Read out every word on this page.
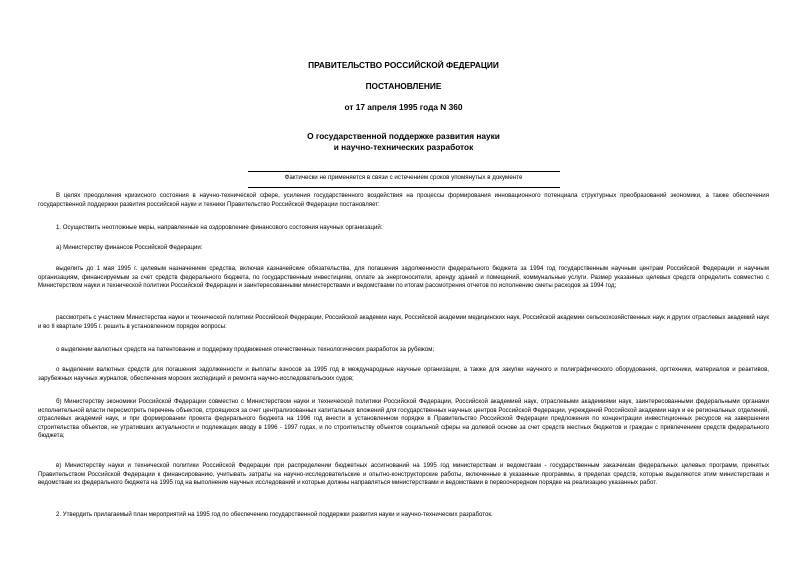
ПРАВИТЕЛЬСТВО РОССИЙСКОЙ ФЕДЕРАЦИИ
ПОСТАНОВЛЕНИЕ
от 17 апреля 1995 года N 360
О государственной поддержке развития науки
и научно-технических разработок
Фактически не применяется в связи с истечением сроков упомянутых в документе

В целях преодоления кризисного состояния в научно-технической сфере, усиления государственного воздействия на процессы формирования инновационного потенциала структурных преобразований экономики, а также обеспечения государственной поддержки развития российской науки и техники Правительство Российской Федерации постановляет:

1. Осуществить неотложные меры, направленные на оздоровление финансового состояния научных организаций:

а) Министерству финансов Российской Федерации:

выделить до 1 мая 1995 г. целевым назначением средства, включая казначейские обязательства, для погашения задолженности федерального бюджета за 1994 год государственным научным центрам Российской Федерации и научным организациям, финансируемым за счет средств федерального бюджета, по государственным инвестициям, оплате за энергоносители, аренду зданий и помещений, коммунальные услуги. Размер указанных целевых средств определить совместно с Министерством науки и технической политики Российской Федерации и заинтересованными министерствами и ведомствами по итогам рассмотрения отчетов по исполнению сметы расходов за 1994 год;

рассмотреть с участием Министерства науки и технической политики Российской Федерации, Российской академии наук, Российской академии медицинских наук, Российской академии сельскохозяйственных наук и других отраслевых академий наук и во II квартале 1995 г. решить в установленном порядке вопросы:

о выделении валютных средств на патентование и поддержку продвижения отечественных технологических разработок за рубежом;

о выделении валютных средств для погашения задолженности и выплаты взносов за 1995 год в международные научные организации, а также для закупки научного и полиграфического оборудования, оргтехники, материалов и реактивов, зарубежных научных журналов, обеспечения морских экспедиций и ремонта научно-исследовательских судов;

б) Министерству экономики Российской Федерации совместно с Министерством науки и технической политики Российской Федерации, Российской академией наук, отраслевыми академиями наук, заинтересованными федеральными органами исполнительной власти пересмотреть перечень объектов, строящихся за счет централизованных капитальных вложений для государственных научных центров Российской Федерации, учреждений Российской академии наук и ее региональных отделений, отраслевых академий наук, и при формировании проекта федерального бюджета на 1996 год внести в установленном порядке в Правительство Российской Федерации предложения по концентрации инвестиционных ресурсов на завершении строительства объектов, не утративших актуальности и подлежащих вводу в 1996 - 1997 годах, и по строительству объектов социальной сферы на долевой основе за счет средств местных бюджетов и граждан с привлечением средств федерального бюджета;

в) Министерству науки и технической политики Российской Федерации при распределении бюджетных ассигнований на 1995 год министерствам и ведомствам - государственным заказчикам федеральных целевых программ, принятых Правительством Российской Федерации к финансированию, учитывать затраты на научно-исследовательские и опытно-конструкторские работы, включенные в указанные программы, в пределах средств, которые выделяются этим министерствам и ведомствам из федерального бюджета на 1995 год на выполнение научных исследований и которые должны направляться министерствами и ведомствами в первоочередном порядке на реализацию указанных работ.

2. Утвердить прилагаемый план мероприятий на 1995 год по обеспечению государственной поддержки развития науки и научно-технических разработок.
